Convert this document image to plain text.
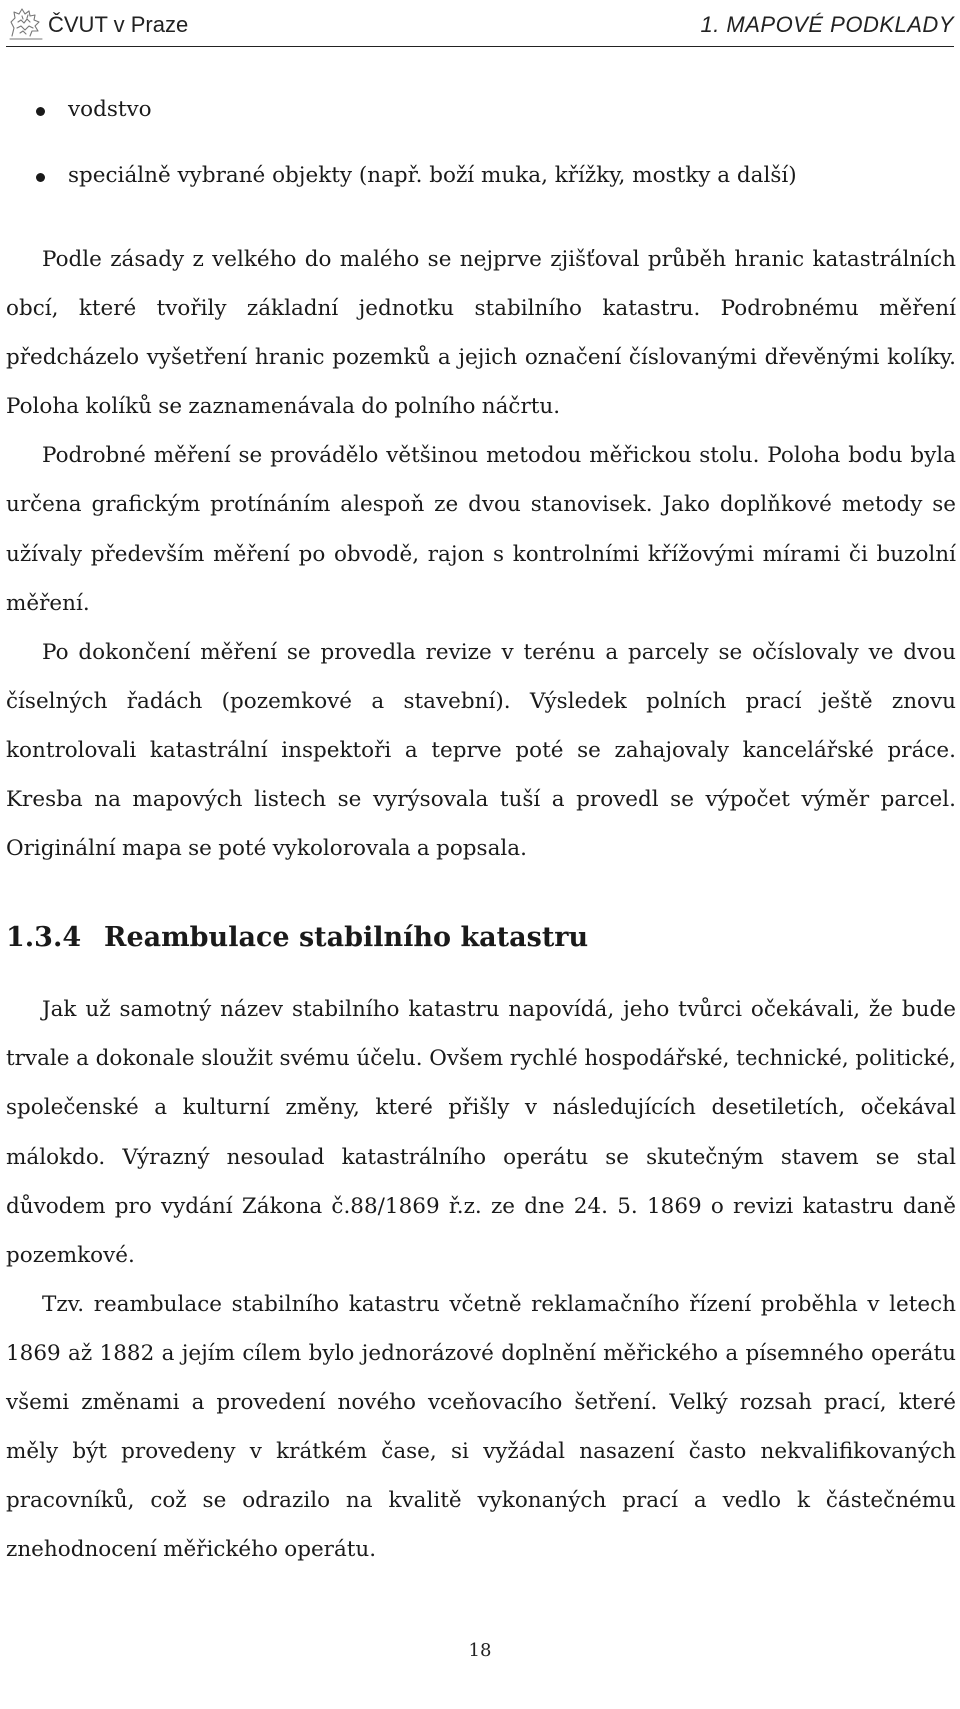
ČVUT v Praze	1. MAPOVÉ PODKLADY
vodstvo
speciálně vybrané objekty (např. boží muka, křížky, mostky a další)

Podle zásady z velkého do malého se nejprve zjišťoval průběh hranic katastrálních obcí, které tvořily základní jednotku stabilního katastru. Podrobnému měření předcházelo vyšetření hranic pozemků a jejich označení číslovanými dřevěnými kolíky. Poloha kolíků se zaznamenávala do polního náčrtu.

Podrobné měření se provádělo většinou metodou měřickou stolu. Poloha bodu byla určena grafickým protínáním alespoň ze dvou stanovisek. Jako doplňkové metody se užívaly především měření po obvodě, rajon s kontrolními křížovými mírami či buzolní měření.

Po dokončení měření se provedla revize v terénu a parcely se očíslovaly ve dvou číselných řadách (pozemkové a stavební). Výsledek polních prací ještě znovu kontrolovali katastrální inspektoři a teprve poté se zahajovaly kancelářské práce. Kresba na mapových listech se vyrýsovala tuší a provedl se výpočet výměr parcel. Originální mapa se poté vykolorovala a popsala.

1.3.4 Reambulace stabilního katastru

Jak už samotný název stabilního katastru napovídá, jeho tvůrci očekávali, že bude trvale a dokonale sloužit svému účelu. Ovšem rychlé hospodářské, technické, politické, společenské a kulturní změny, které přišly v následujících desetiletích, očekával málokdo. Výrazný nesoulad katastrálního operátu se skutečným stavem se stal důvodem pro vydání Zákona č.88/1869 ř.z. ze dne 24. 5. 1869 o revizi katastru daně pozemkové.

Tzv. reambulace stabilního katastru včetně reklamačního řízení proběhla v letech 1869 až 1882 a jejím cílem bylo jednorázové doplnění měřického a písemného operátu všemi změnami a provedení nového vceňovacího šetření. Velký rozsah prací, které měly být provedeny v krátkém čase, si vyžádal nasazení často nekvalifikovaných pracovníků, což se odrazilo na kvalitě vykonaných prací a vedlo k částečnému znehodnocení měřického operátu.

18
